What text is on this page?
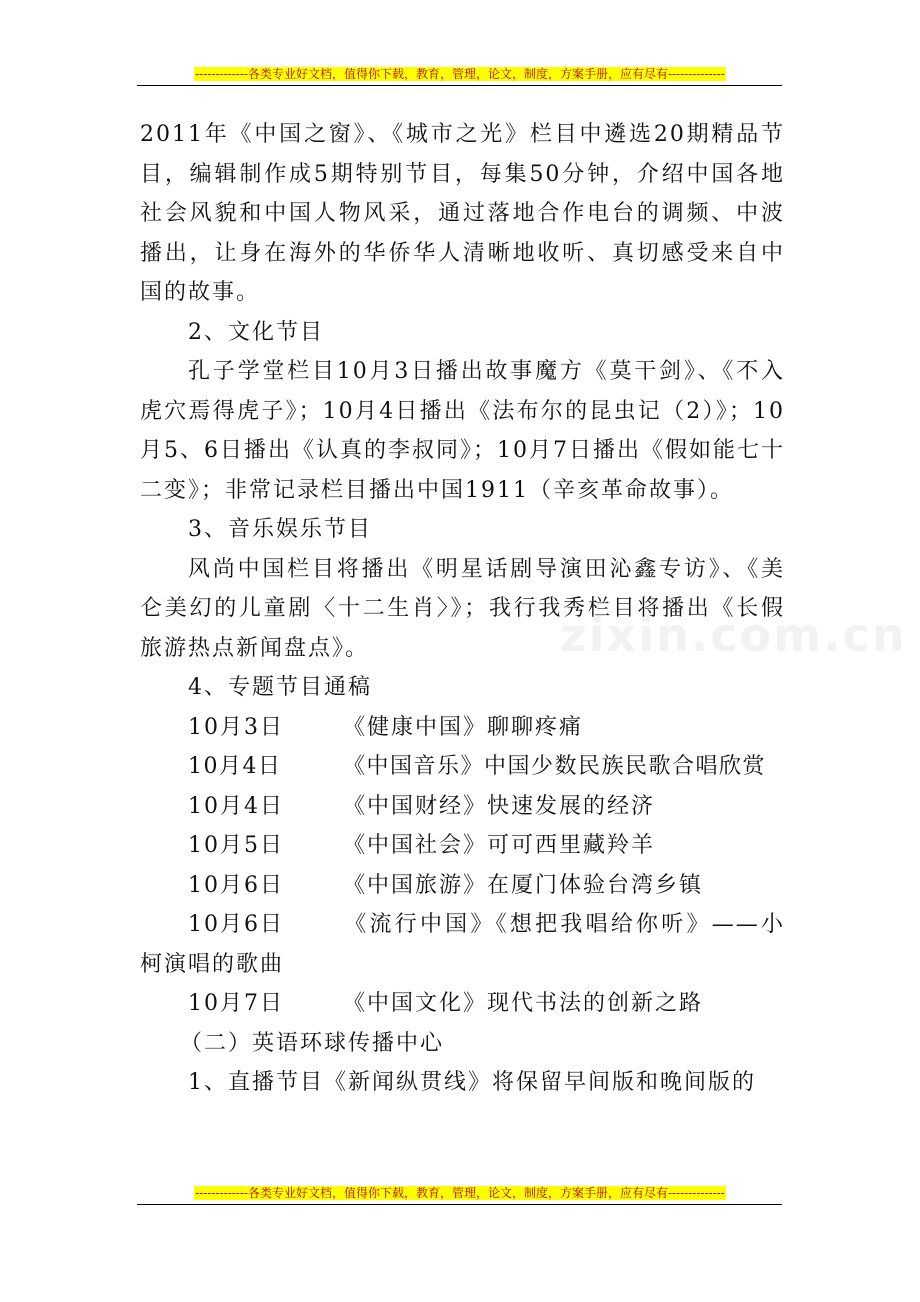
-------------各类专业好文档，值得你下载，教育，管理，论文，制度，方案手册，应有尽有--------------
zixin.com.cn

2011年《中国之窗》、《城市之光》栏目中遴选20期精品节目，编辑制作成5期特别节目，每集50分钟，介绍中国各地社会风貌和中国人物风采，通过落地合作电台的调频、中波播出，让身在海外的华侨华人清晰地收听、真切感受来自中国的故事。

2、文化节目

孔子学堂栏目10月3日播出故事魔方《莫干剑》、《不入虎穴焉得虎子》；10月4日播出《法布尔的昆虫记（2）》；10月5、6日播出《认真的李叔同》；10月7日播出《假如能七十二变》；非常记录栏目播出中国1911（辛亥革命故事）。

3、音乐娱乐节目

风尚中国栏目将播出《明星话剧导演田沁鑫专访》、《美仑美幻的儿童剧〈十二生肖〉》；我行我秀栏目将播出《长假旅游热点新闻盘点》。

4、专题节目通稿

10月3日	《健康中国》聊聊疼痛

10月4日	《中国音乐》中国少数民族民歌合唱欣赏

10月4日	《中国财经》快速发展的经济

10月5日	《中国社会》可可西里藏羚羊

10月6日	《中国旅游》在厦门体验台湾乡镇

10月6日	《流行中国》《想把我唱给你听》——小柯演唱的歌曲

10月7日	《中国文化》现代书法的创新之路

（二）英语环球传播中心

1、直播节目《新闻纵贯线》将保留早间版和晚间版的

-------------各类专业好文档，值得你下载，教育，管理，论文，制度，方案手册，应有尽有--------------
